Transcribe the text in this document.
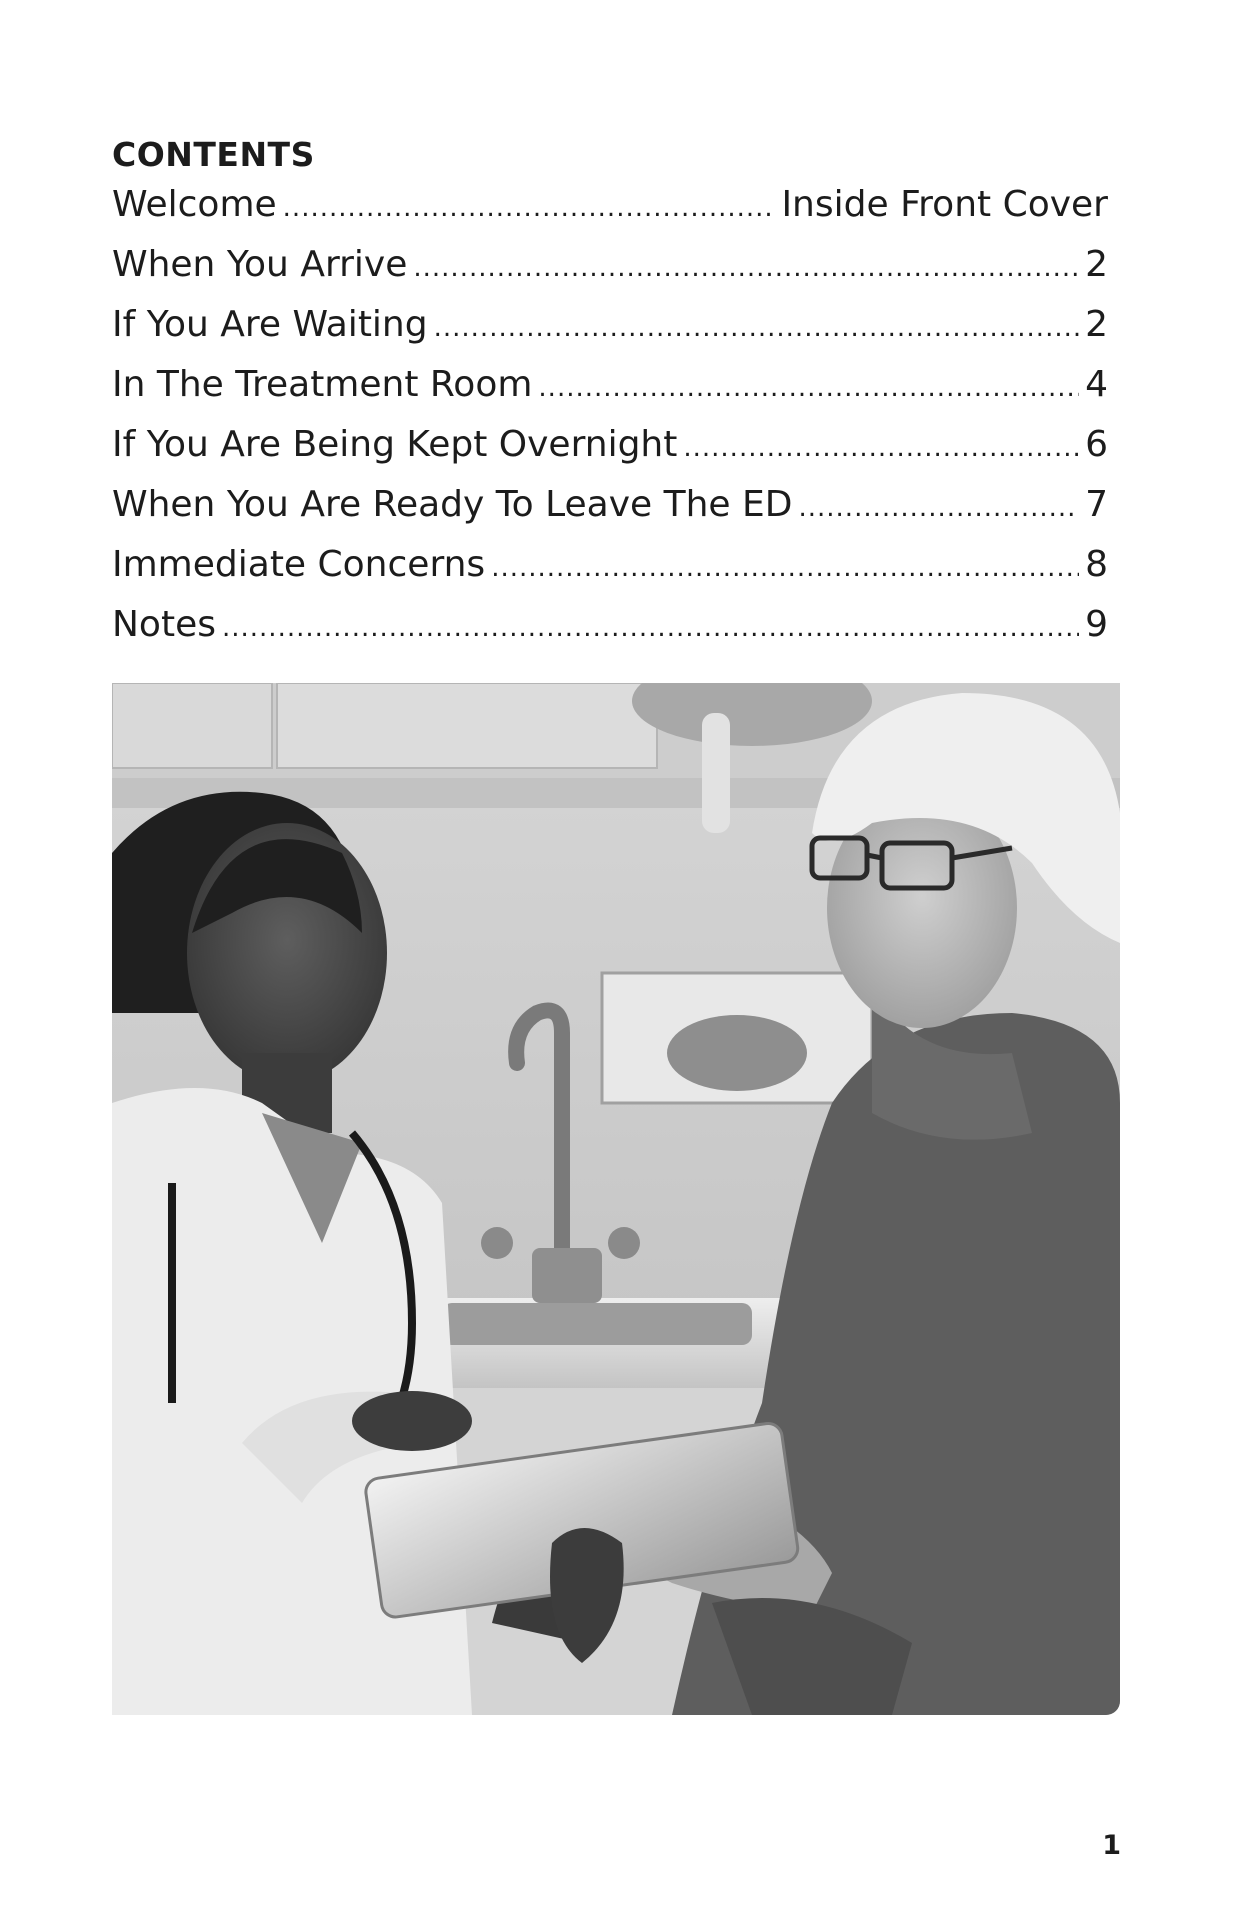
CONTENTS
Welcome .....	Inside Front Cover
When You Arrive .....	2
If You Are Waiting .....	2
In The Treatment Room .....	4
If You Are Being Kept Overnight .....	6
When You Are Ready To Leave The ED .....	7
Immediate Concerns .....	8
Notes .....	9
1
